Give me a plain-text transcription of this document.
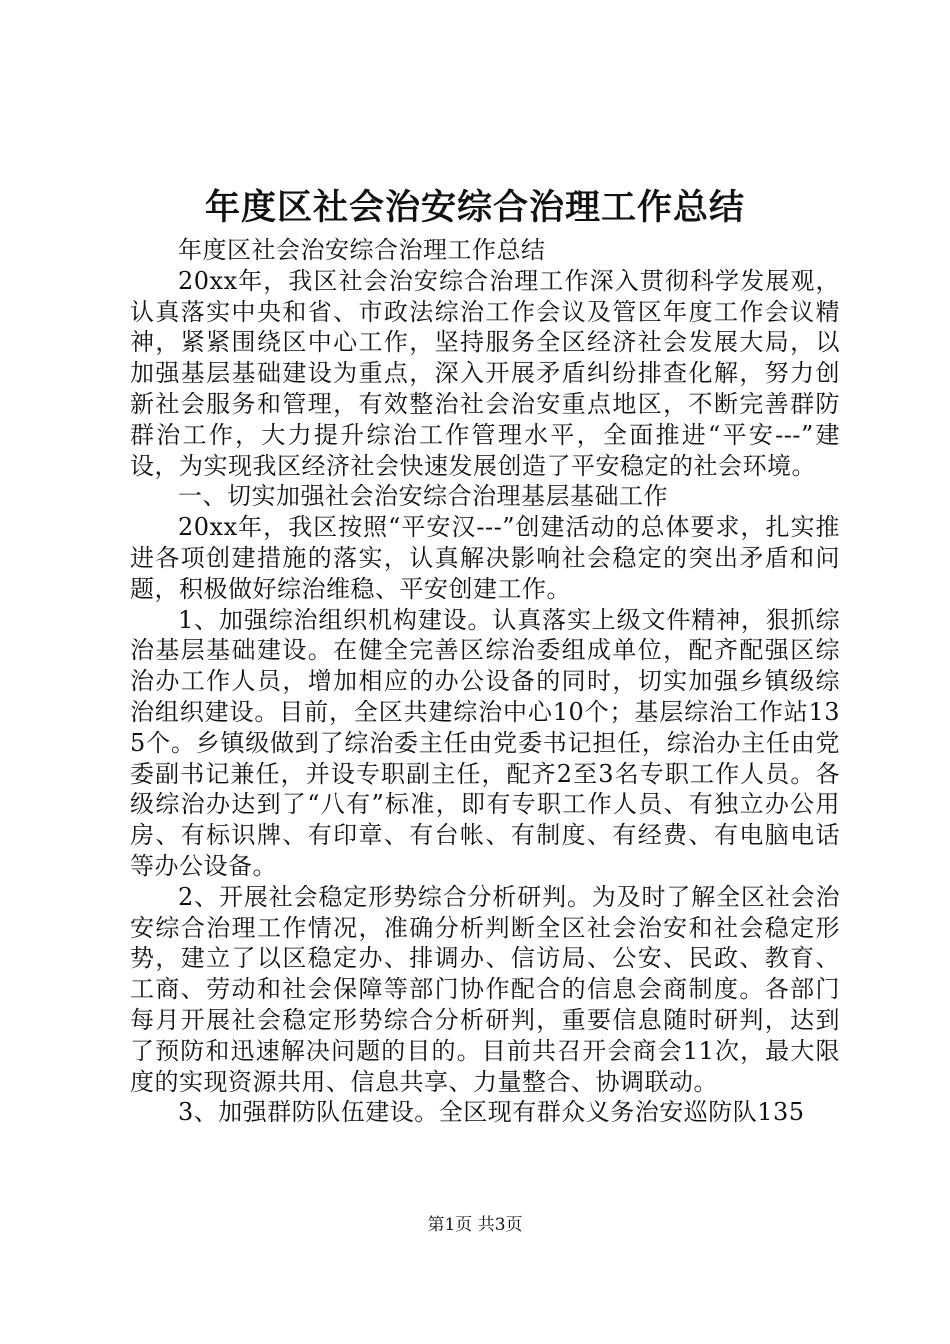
年度区社会治安综合治理工作总结

年度区社会治安综合治理工作总结

20xx年，我区社会治安综合治理工作深入贯彻科学发展观，认真落实中央和省、市政法综治工作会议及管区年度工作会议精神，紧紧围绕区中心工作，坚持服务全区经济社会发展大局，以加强基层基础建设为重点，深入开展矛盾纠纷排查化解，努力创新社会服务和管理，有效整治社会治安重点地区，不断完善群防群治工作，大力提升综治工作管理水平，全面推进“平安---”建设，为实现我区经济社会快速发展创造了平安稳定的社会环境。

一、切实加强社会治安综合治理基层基础工作

20xx年，我区按照“平安汉---”创建活动的总体要求，扎实推进各项创建措施的落实，认真解决影响社会稳定的突出矛盾和问题，积极做好综治维稳、平安创建工作。

1、加强综治组织机构建设。认真落实上级文件精神，狠抓综治基层基础建设。在健全完善区综治委组成单位，配齐配强区综治办工作人员，增加相应的办公设备的同时，切实加强乡镇级综治组织建设。目前，全区共建综治中心10个；基层综治工作站135个。乡镇级做到了综治委主任由党委书记担任，综治办主任由党委副书记兼任，并设专职副主任，配齐2至3名专职工作人员。各级综治办达到了“八有”标准，即有专职工作人员、有独立办公用房、有标识牌、有印章、有台帐、有制度、有经费、有电脑电话等办公设备。

2、开展社会稳定形势综合分析研判。为及时了解全区社会治安综合治理工作情况，准确分析判断全区社会治安和社会稳定形势，建立了以区稳定办、排调办、信访局、公安、民政、教育、工商、劳动和社会保障等部门协作配合的信息会商制度。各部门每月开展社会稳定形势综合分析研判，重要信息随时研判，达到了预防和迅速解决问题的目的。目前共召开会商会11次，最大限度的实现资源共用、信息共享、力量整合、协调联动。

3、加强群防队伍建设。全区现有群众义务治安巡防队135

第1页 共3页
